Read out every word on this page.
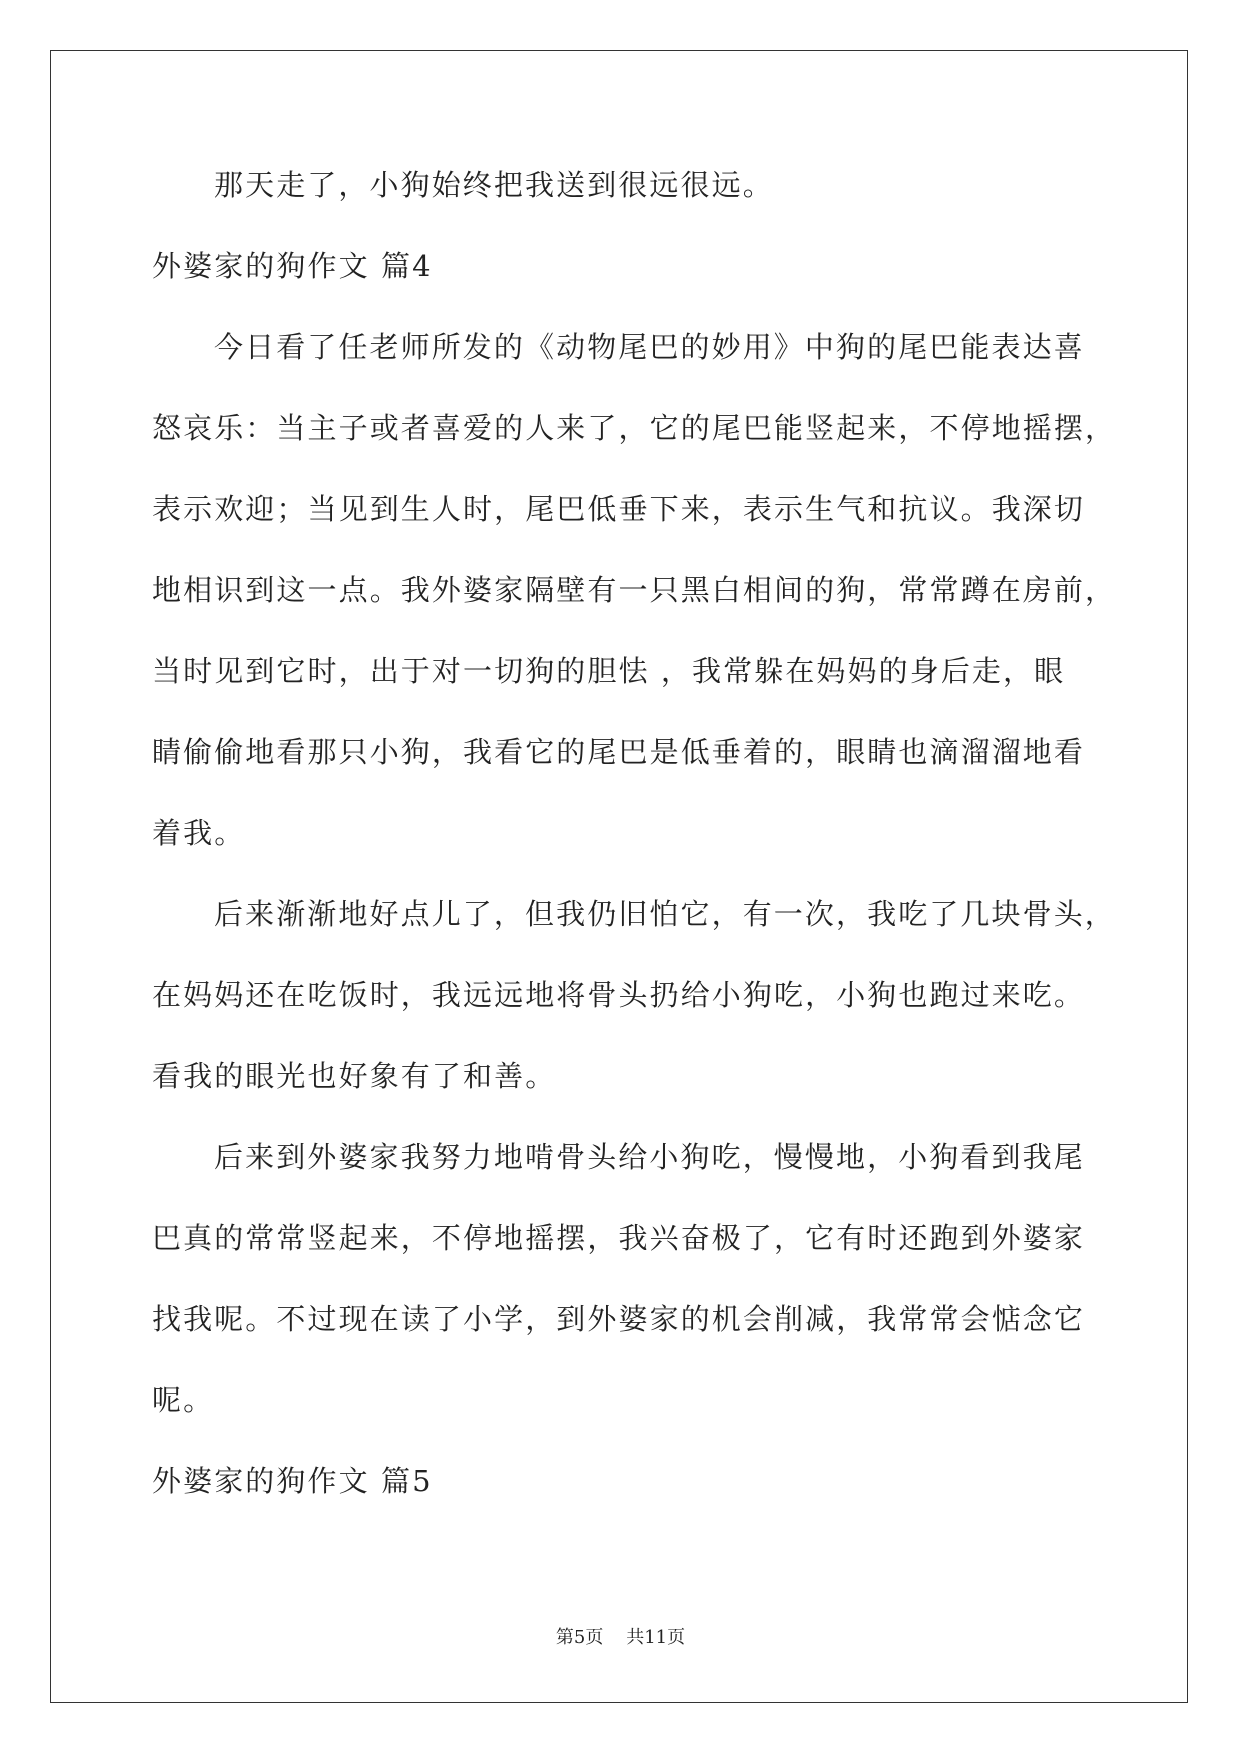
那天走了，小狗始终把我送到很远很远。
外婆家的狗作文 篇4
今日看了任老师所发的《动物尾巴的妙用》中狗的尾巴能表达喜
怒哀乐：当主子或者喜爱的人来了，它的尾巴能竖起来，不停地摇摆，
表示欢迎；当见到生人时，尾巴低垂下来，表示生气和抗议。我深切
地相识到这一点。我外婆家隔壁有一只黑白相间的狗，常常蹲在房前，
当时见到它时，出于对一切狗的胆怯 ，我常躲在妈妈的身后走，眼
睛偷偷地看那只小狗，我看它的尾巴是低垂着的，眼睛也滴溜溜地看
着我。
后来渐渐地好点儿了，但我仍旧怕它，有一次，我吃了几块骨头，
在妈妈还在吃饭时，我远远地将骨头扔给小狗吃，小狗也跑过来吃。
看我的眼光也好象有了和善。
后来到外婆家我努力地啃骨头给小狗吃，慢慢地，小狗看到我尾
巴真的常常竖起来，不停地摇摆，我兴奋极了，它有时还跑到外婆家
找我呢。不过现在读了小学，到外婆家的机会削减，我常常会惦念它
呢。
外婆家的狗作文 篇5
第5页    共11页
